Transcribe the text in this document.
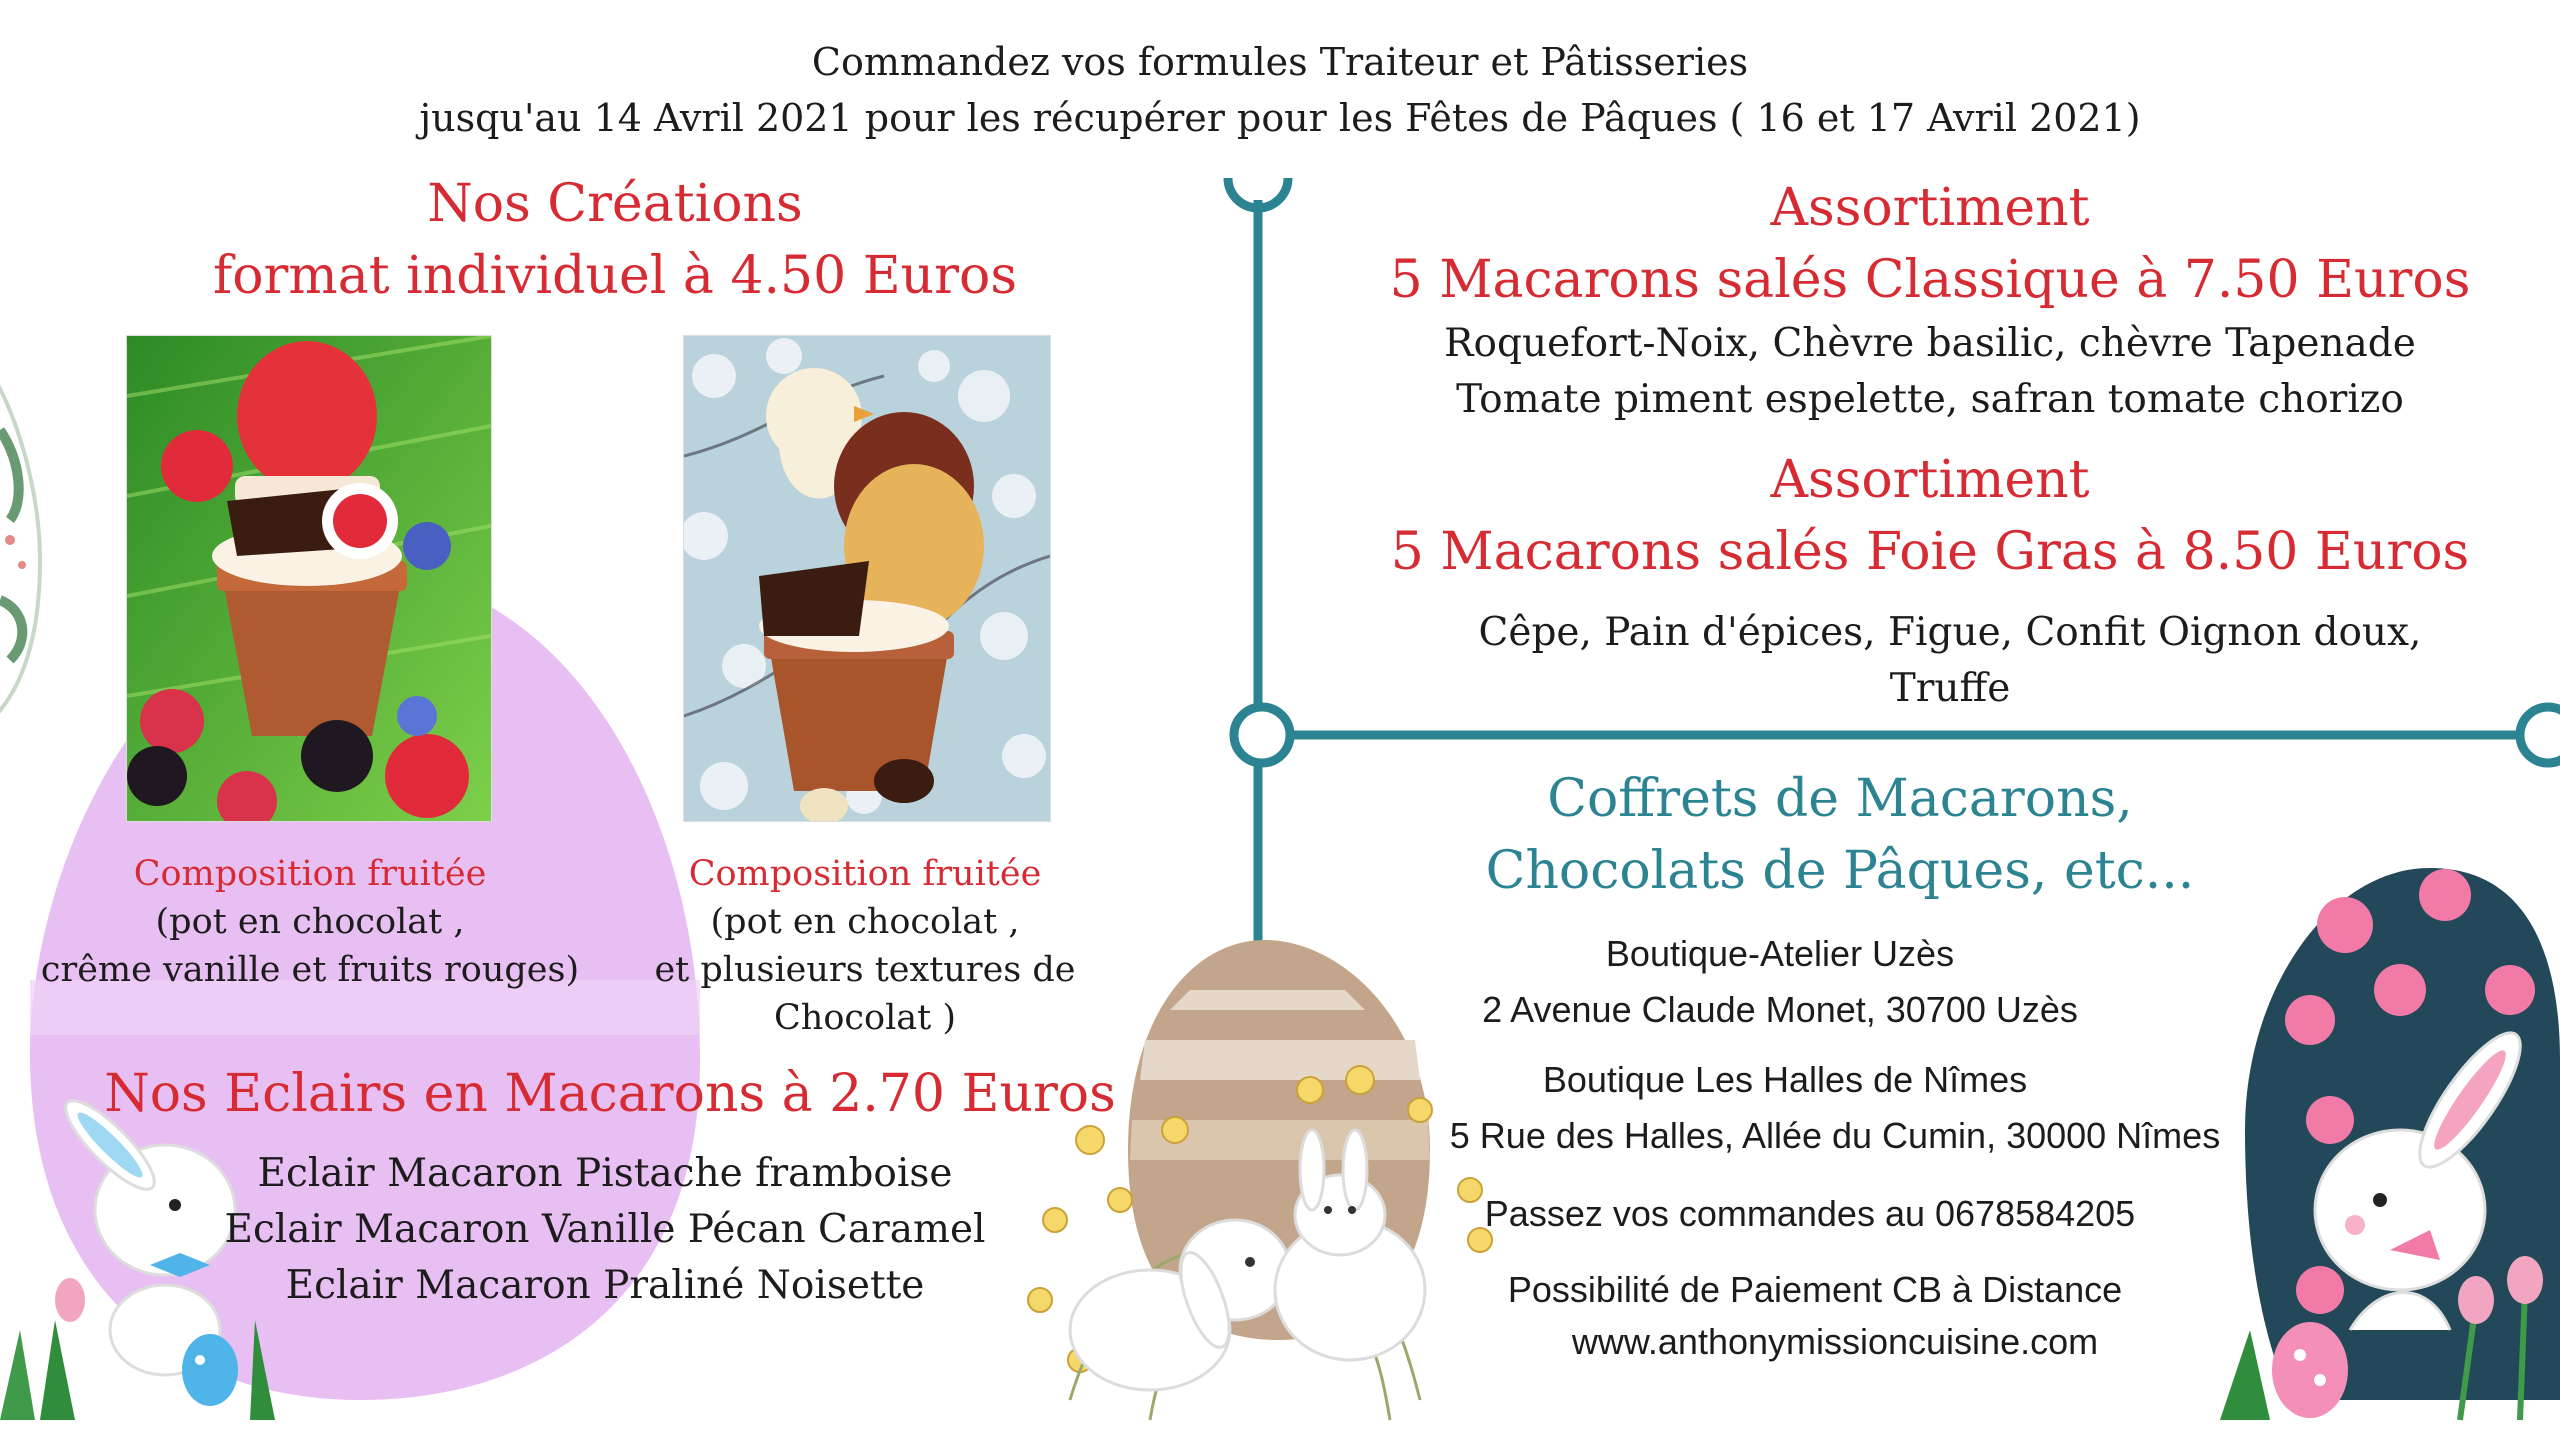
Commandez vos formules Traiteur et Pâtisseries
jusqu'au 14 Avril 2021 pour les récupérer pour les Fêtes de Pâques ( 16 et 17 Avril 2021)
Nos Créations
format individuel à 4.50 Euros
Composition fruitée
(pot en chocolat ,
crême vanille et fruits rouges)
Composition fruitée
(pot en chocolat ,
et plusieurs textures de
Chocolat )
Nos Eclairs en Macarons à 2.70 Euros
Eclair Macaron Pistache framboise
Eclair Macaron Vanille Pécan Caramel
Eclair Macaron Praliné Noisette
Assortiment
5 Macarons salés Classique à 7.50 Euros
Roquefort-Noix, Chèvre basilic, chèvre Tapenade
Tomate piment espelette, safran tomate chorizo
Assortiment
5 Macarons salés Foie Gras à 8.50 Euros
Cêpe, Pain d'épices, Figue, Confit Oignon doux,
Truffe
Coffrets de Macarons,
Chocolats de Pâques, etc...
Boutique-Atelier Uzès
2 Avenue Claude Monet, 30700 Uzès
Boutique Les Halles de Nîmes
5 Rue des Halles, Allée du Cumin, 30000 Nîmes
Passez vos commandes au 0678584205
Possibilité de Paiement CB à Distance
www.anthonymissioncuisine.com
